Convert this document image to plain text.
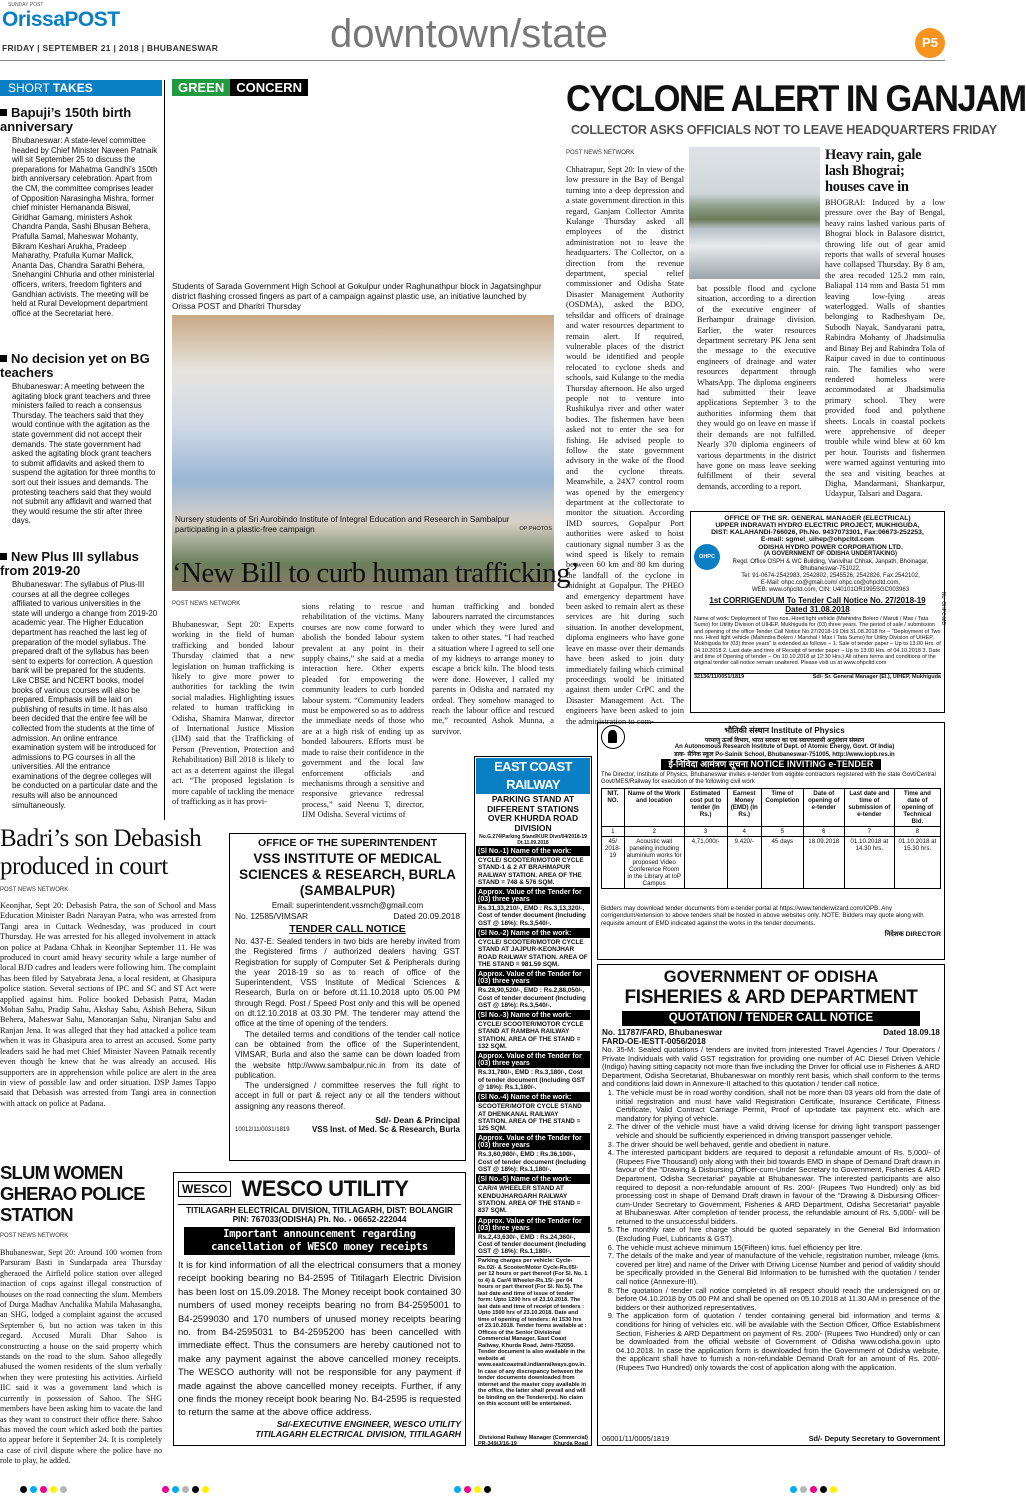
OrissaPOST
SUNDAY POST
FRIDAY | SEPTEMBER 21 | 2018 | BHUBANESWAR	downtown/state	P5
SHORT TAKES
Bapuji’s 150th birth anniversary
Bhubaneswar: A state-level committee headed by Chief Minister Naveen Patnaik will sit September 25 to discuss the preparations for Mahatma Gandhi’s 150th birth anniversary celebration. Apart from the CM, the committee comprises leader of Opposition Narasingha Mishra, former chief minister Hemananda Biswal, Giridhar Gamang, ministers Ashok Chandra Panda, Sashi Bhusan Behera, Prafulla Samal, Maheswar Mohanty, Bikram Keshari Arukha, Pradeep Maharathy, Prafulla Kumar Mallick, Ananta Das, Chandra Sarathi Behera, Snehangini Chhuria and other ministerial officers, writers, freedom fighters and Gandhian activists. The meeting will be held at Rural Development department office at the Secretariat here.
No decision yet on BG teachers
Bhubaneswar: A meeting between the agitating block grant teachers and three ministers failed to reach a consensus Thursday. The teachers said that they would continue with the agitation as the state government did not accept their demands. The state government had asked the agitating block grant teachers to submit affidavits and asked them to suspend the agitation for three months to sort out their issues and demands. The protesting teachers said that they would not submit any affidavit and warned that they would resume the stir after three days.
New Plus III syllabus from 2019-20
Bhubaneswar: The syllabus of Plus-III courses at all the degree colleges affiliated to various universities in the state will undergo a change from 2019-20 academic year. The Higher Education department has reached the last leg of preparation of the model syllabus. The prepared draft of the syllabus has been sent to experts for correction. A question bank will be prepared for the students. Like CBSE and NCERT books, model books of various courses will also be prepared. Emphasis will be laid on publishing of results in time. It has also been decided that the entire fee will be collected from the students at the time of admission. An online entrance examination system will be introduced for admissions to PG courses in all the universities. All the entrance examinations of the degree colleges will be conducted on a particular date and the results will also be announced simultaneously.
GREEN CONCERN
Students of Sarada Government High School at Gokulpur under Raghunathpur block in Jagatsinghpur district flashing crossed fingers as part of a campaign against plastic use, an initiative launched by Orissa POST and Dharitri Thursday
Nursery students of Sri Aurobindo Institute of Integral Education and Research in Sambalpur participating in a plastic-free campaign	OP PHOTOS
CYCLONE ALERT IN GANJAM
COLLECTOR ASKS OFFICIALS NOT TO LEAVE HEADQUARTERS FRIDAY
POST NEWS NETWORK
Chhatrapur, Sept 20: In view of the low pressure in the Bay of Bengal turning into a deep depression and a state government direction in this regard, Ganjam Collector Amrita Kulange Thursday asked all employees of the district administration not to leave the headquarters. The Collector, on a direction from the revenue department, special relief commissioner and Odisha State Disaster Management Authority (OSDMA), asked the BDO, tehsildar and officers of drainage and water resources department to remain alert. If required, vulnerable places of the district would be identified and people relocated to cyclone sheds and schools, said Kulange to the media Thursday afternoon. He also urged people not to venture into Rushikulya river and other water bodies. The fishermen have been asked not to enter the sea for fishing. He advised people to follow the state government advisory in the wake of the flood and the cyclone threats. Meanwhile, a 24X7 control room was opened by the emergency department at the collectorate to monitor the situation. According IMD sources, Gopalpur Port authorities were asked to hoist cautionary signal number 3 as the wind speed is likely to remain between 60 km and 80 km during the landfall of the cyclone in midnight at Gopalpur. The PHEO and emergency department have been asked to remain alert as these services are hit during such situation. In another development, diploma engineers who have gone leave en masse over their demands have been asked to join duty immediately failing which criminal proceedings would be initiated against them under CrPC and the Disaster Management Act. The engineers have been asked to join the administration to com-
bat possible flood and cyclone situation, according to a direction of the executive engineer of Berhampur drainage division. Earlier, the water resources department secretary PK Jena sent the message to the executive engineers of drainage and water resources department through WhatsApp. The diploma engineers had submitted their leave applications September 3 to the authorities informing them that they would go on leave en masse if their demands are not fulfilled. Nearly 370 diploma engineers of various departments in the district have gone on mass leave seeking fulfillment of their several demands, according to a report.
Heavy rain, gale lash Bhograi; houses cave in
BHOGRAI: Induced by a low pressure over the Bay of Bengal, heavy rains lashed various parts of Bhograi block in Balasore district, throwing life out of gear amid reports that walls of several houses have collapsed Thursday. By 8 am, the area recoded 125.2 mm rain, Baliapal 114 mm and Basta 51 mm leaving low-lying areas waterlogged. Walls of shanties belonging to Radheshyam De, Subodh Nayak, Sandyarani patra, Rabindra Mohanty of Jhadsimulia and Binay Bej and Rabindra Tola of Raipur caved in due to continuous rain. The families who were rendered homeless were accommodated at Jhadsimulia primary school. They were provided food and polythene sheets. Locals in coastal pockets were apprehensive of deeper trouble while wind blew at 60 km per hour. Tourists and fishermen were warned against venturing into the sea and visiting beaches at Digha, Mandarmani, Shankarpur, Udaypur, Talsari and Dagara.
OFFICE OF THE SR. GENERAL MANAGER (ELECTRICAL)
UPPER INDRAVATI HYDRO ELECTRIC PROJECT, MUKHIGUDA,
DIST: KALAHANDI-766026, Ph.No. 9437073301, Fax:06673-252253,
E-mail: sgmel_uihep@ohpcltd.com
OHPC
ODISHA HYDRO POWER CORPORATION LTD.
(A GOVERNMENT OF ODISHA UNDERTAKING)
Regd. Office OSPH & WC Building, Vanivihar Chhak, Janpath, Bhoinagar, Bhubaneswar-751022,
Tel: 91-0674-2542983, 2542802, 2545526, 2542826, Fax:2542102,
E-Mail: ohpc.co@gmail.com/ ohpc.co@ohpcltd.com,
WEB: www.ohpcltd.com, CIN: U40101OR1995SGC003963
1st CORRIGENDUM To Tender Call Notice No. 27/2018-19 Dated 31.08.2018
Name of work: Deployment of Two nos. Hired light vehicle (Mahindra Bolero / Maruti / Max / Tata Sumo) for Utility Division of UIHEP, Mukhiguda for (03) three years. The period of sale / submission and opening of the office Tender Call Notice No.27/2018-19 Dtd 31.08.2018 for – "Deployment of Two nos. Hired light vehicle (Mahindra Bolero / Marshal / Max / Tata Sumo) for Utility Division of UIHEP, Mukhiguda for (03) three years" is extended as follows – 1. Sale of tender paper – Up to 13.00 Hrs. of 04.10.2018 2. Last date and time of Receipt of tender paper – Up to 13.00 Hrs. of 04.10.2018 3. Date and time of Opening of tender – On 10.10.2018 at 12:30 Hrs.) All others terms and conditions of the original tender call notice remain unaltered. Please visit us at www.ohpcltd.com
32136/11/0051/1819	Sd/- Sr. General Manager (El.), UIHEP, Mukhiguda
No. OHPC-MD
‘New Bill to curb human trafficking’
POST NEWS NETWORK
Bhubaneswar, Sept 20: Experts working in the field of human trafficking and bonded labour Thursday claimed that a new legislation on human trafficking is likely to give more power to authorities for tackling the twin social maladies. Highlighting issues related to human trafficking in Odisha, Shamira Manwar, director of International Justice Mission (IJM) said that the Trafficking of Person (Prevention, Protection and Rehabilitation) Bill 2018 is likely to act as a deterrent against the illegal act. “The proposed legislation is more capable of tackling the menace of trafficking as it has provi-
sions relating to rescue and rehabilitation of the victims. Many courses are now come forward to abolish the bonded labour system prevalent at any point in their supply chains,” she said at a media interaction here. Other experts pleaded for empowering the community leaders to curb bonded labour system. “Community leaders must be empowered so as to address the immediate needs of those who are at a high risk of ending up as bonded labourers. Efforts must be made to raise their confidence in the government and the local law enforcement officials and mechanisms through a sensitive and responsive grievance redressal process,” said Neenu T, director, IJM Odisha. Several victims of
human trafficking and bonded labourers narrated the circumstances under which they were lured and taken to other states. “I had reached a situation where I agreed to sell one of my kidneys to arrange money to escape a brick kiln. The blood tests were done. However, I called my parents in Odisha and narrated my ordeal. They somehow managed to reach the labour office and rescued me,” recounted Ashok Munna, a survivor.	भौतिकी संस्थान Institute of Physics
परमाणु ऊर्जा विभाग, भारत सरकार का एक स्वायत्तशासी अनुसंधान संस्थान
An Autonomous Research Institute of Dept. of Atomic Energy, Govt. Of India)
डाक- सैनिक स्कूल Po-Sainik School, Bhubaneswar-751005, http://www.iopb.res.in
ई-निविदा आमंत्रण सूचना NOTICE INVITING e-TENDER
The Director, Institute of Physics, Bhubaneswar invites e-tender from eligible contractors registered with the state Govt/Central Govt/MES/Railway for execution of the following civil work
NIT. NO.	Name of the Work and location	Estimated cost put to tender (In Rs.)	Earnest Money (EMD) (In Rs.)	Time of Completion	Date of opening of e-tender	Last date and time of submission of e-tender	Time and date of opening of Technical Bid.
1	2	3	4	5	6	7	8
45/ 2018-19	Acoustic wall paneling including aluminium works for proposed Video Conference Room in the Library at IoP Campus	4,71,000/-	9,420/-	45 days	18.09.2018	01.10.2018 at 14.30 hrs.	01.10.2018 at 15.30 hrs.
Bidders may download tender documents from e-tender portal at https://www.tenderwizard.com/IOPB. Any corrigendum/extension to above tenders shall be hosted in above websites only. NOTE: Bidders may quote along with requisite amount of EMD indicated against the works in the tender documents.
निदेशक DIRECTOR
EAST COAST RAILWAY
PARKING STAND AT DIFFERENT STATIONS OVER KHURDA ROAD DIVISION
No.G.274/Parking Stand/KUR Divn/04/2018-19 Dt.11.09.2018
(Sl No.-1) Name of the work:
CYCLE/ SCOOTER/MOTOR CYCLE STAND-1 & 2 AT BRAHMAPUR RAILWAY STATION. AREA OF THE STAND = 748 & 576 SQM.
Approx. Value of the Tender for (03) three years
Rs.31,33,210/-, EMD : Rs.3,13,320/-, Cost of tender document (Including GST @ 18%): Rs.3,540/-.
(Sl No.-2) Name of the work:
CYCLE/ SCOOTER/MOTOR CYCLE STAND AT JAJPUR-KEONJHAR ROAD RAILWAY STATION. AREA OF THE STAND = 981.59 SQM.
Approx. Value of the Tender for (03) three years
Rs.28,90,520/-, EMD : Rs.2,88,050/-, Cost of tender document (Including GST @ 18%): Rs.3,540/-.
(Sl No.-3) Name of the work:
CYCLE/ SCOOTER/MOTOR CYCLE STAND AT RAMBHA RAILWAY STATION. AREA OF THE STAND = 132 SQM.
Approx. Value of the Tender for (03) three years
Rs.31,780/-, EMD : Rs.3,180/-, Cost of tender document (Including GST @ 18%): Rs.1,180/-.
(Sl No.-4) Name of the work:
SCOOTER/MOTOR CYCLE STAND AT DHENKANAL RAILWAY STATION. AREA OF THE STAND = 125 SQM.
Approx. Value of the Tender for (03) three years
Rs.3,60,980/-, EMD : Rs.36,100/-, Cost of tender document (Including GST @ 18%): Rs.1,180/-.
(Sl No.-5) Name of the work:
CAR/4 WHEELER STAND AT KENDUJHARGARH RAILWAY STATION. AREA OF THE STAND = 837 SQM.
Approx. Value of the Tender for (03) three years
Rs.2,43,630/-, EMD : Rs.24,360/-, Cost of tender document (Including GST @ 18%): Rs.1,180/-.
Parking charges per vehicle: Cycle-Rs.02/- & Scooter/Motor Cycle-Rs.05/- per 12 hours or part thereof (For Sl. No. 1 to 4) & Car/4 Wheeler-Rs.15/- per 04 hours or part thereof (For Sl. No.5). The last date and time of issue of tender form: Upto 1200 hrs of 23.10.2018. The last date and time of receipt of tenders : Upto 1500 hrs of 23.10.2018. Date and time of opening of tenders: At 1530 hrs of 23.10.2018. Tender forms available at : Offices of the Senior Divisional Commercial Manager, East Coast Railway, Khurda Road, Jatni-752050. Tender document is also available in the website at www.eastcoastrail.indianrailways.gov.in. In case of any discrepancy between the tender documents downloaded from internet and the master copy available in the office, the latter shall prevail and will be binding on the Tenderer(s). No claim on this account will be entertained.
Divisional Railway Manager (Commercial)
PR-349/J/16-19	Khurda Road
Badri’s son Debasish produced in court
POST NEWS NETWORK
Keonjhar, Sept 20: Debasish Patra, the son of School and Mass Education Minister Badri Narayan Patra, who was arrested from Tangi area in Cuttack Wednesday, was produced in court Thursday. He was arrested for his alleged involvement in attack on police at Padana Chhak in Keonjhar September 11. He was produced in court amid heavy security while a large number of local BJD cadres and leaders were following him. The complaint has been filed by Satyabrata Jena, a local resident, at Ghasipura police station. Several sections of IPC and SC and ST Act were applied against him. Police booked Debasish Patra, Madan Mohan Sahu, Pradip Sahu, Akshay Sahu, Ashish Behera, Sikun Behera, Maheswar Sahu, Manoranjan Sahu, Niranjan Sahu and Ranjan Jena. It was alleged that they had attacked a police team when it was in Ghasipura area to arrest an accused. Some party leaders said he had met Chief Minister Naveen Patnaik recently even though he knew that he was already an accused. His supporters are in apprehension while police are alert in the area in view of possible law and order situation. DSP James Tappo said that Debasish was arrested from Tangi area in connection with attack on police at Padana.
OFFICE OF THE SUPERINTENDENT
VSS INSTITUTE OF MEDICAL SCIENCES & RESEARCH, BURLA (SAMBALPUR)
Email: superintendent.vssmch@gmail.com
No. 12585/VIMSAR	Dated 20.09.2018
TENDER CALL NOTICE
No. 437-E: Sealed tenders in two bids are hereby invited from the Registered firms / authorized dealers having GST Registration for supply of Computer Set & Peripherals during the year 2018-19 so as to reach of office of the Superintendent, VSS Institute of Medical Sciences & Research, Burla on or before dt.11.10.2018 upto 05.00 PM through Regd. Post / Speed Post only and this will be opened on dt.12.10.2018 at 03.30 PM. The tenderer may attend the office at the time of opening of the tenders.
The detailed terms and conditions of the tender call notice can be obtained from the office of the Superintendent, VIMSAR, Burla and also the same can be down loaded from the website http://www.sambalpur.nic.in from its date of publication.
The undersigned / committee reserves the full right to accept in full or part & reject any or all the tenders without assigning any reasons thereof.
Sd/- Dean & Principal
10012/11/0031/1819	VSS Inst. of Med. Sc & Research, Burla
SLUM WOMEN GHERAO POLICE STATION
POST NEWS NETWORK
Bhubaneswar, Sept 20: Around 100 women from Parsuram Basti in Sundarpada area Thursday gheraoed the Airfield police station over alleged inaction of cops against illegal construction of houses on the road connecting the slum. Members of Durga Madhav Anchalika Mahila Mahasangha, an SHG, lodged a complaint against the accused September 6, but no action was taken in this regard. Accused Murali Dhar Sahoo is constructing a house on the said property which stands on the road to the slum. Sahoo allegedly abused the women residents of the slum verbally when they were protesting his activities. Airfield IIC said it was a government land which is currently in possession of Sahoo. The SHG members have been asking him to vacate the land as they want to construct their office there. Sahoo has moved the court which asked both the parties to appear before it September 24. It is completely a case of civil dispute where the police have no role to play, he added.
WESCO WESCO UTILITY
TITILAGARH ELECTRICAL DIVISION, TITILAGARH, DIST: BOLANGIR
PIN: 767033(ODISHA) Ph. No. - 06652-222044
Important announcement regarding cancellation of WESCO money receipts
It is for kind information of all the electrical consumers that a money receipt booking bearing no B4-2595 of Titilagarh Electric Division has been lost on 15.09.2018. The Money receipt book contained 30 numbers of used money receipts bearing no from B4-2595001 to B4-2599030 and 170 numbers of unused money receipts bearing no. from B4-2595031 to B4-2595200 has been cancelled with immediate effect. Thus the consumers are hereby cautioned not to make any payment against the above cancelled money receipts. The WESCO authority will not be responsible for any payment if made against the above cancelled money receipts. Further, if any one finds the money receipt book bearing No. B4-2595 is requested to return the same at the above office address.
Sd/-EXECUTIVE ENGINEER, WESCO UTILITY
TITILAGARH ELECTRICAL DIVISION, TITILAGARH
GOVERNMENT OF ODISHA
FISHERIES & ARD DEPARTMENT
QUOTATION / TENDER CALL NOTICE
No. 11787/FARD, Bhubaneswar	Dated 18.09.18
FARD-OE-IESTT-0056/2018
No. 35-M: Sealed quotations / tenders are invited from interested Travel Agencies / Tour Operators / Private Individuals with valid GST registration for providing one number of AC Diesel Driven Vehicle (Indigo) having sitting capacity not more than five including the Driver for official use in Fisheries & ARD Department, Odisha Secretariat, Bhubaneswar on monthly rent basis, which shall conform to the terms and conditions laid down in Annexure-II attached to this quotation / tender call notice.
1. The vehicle must be in road worthy condition, shall not be more than 03 years old from the date of initial registration and must have valid Registration Certificate, Insurance Certificate, Fitness Certificate, Valid Contract Carriage Permit, Proof of up-todate tax payment etc. which are mandatory for plying of vehicle.
2. The driver of the vehicle must have a valid driving license for driving light transport passenger vehicle and should be sufficiently experienced in driving transport passenger vehicle.
3. The driver should be well behaved, gentle and obedient in nature.
4. The interested participant bidders are required to deposit a refundable amount of Rs. 5,000/- of (Rupees Five Thousand) only along with their bid towards EMD in shape of Demand Draft drawn in favour of the "Drawing & Disbursing Officer-cum-Under Secretary to Government, Fisheries & ARD Department, Odisha Secretariat" payable at Bhubaneswar. The interested participants are also required to deposit a non-refundable amount of Rs. 200/- (Rupees Two Hundred) only as bid processing cost in shape of Demand Draft drawn in favour of the "Drawing & Disbursing Officer-cum-Under Secretary to Government, Fisheries & ARD Department, Odisha Secretariat" payable at Bhubaneswar. After completion of tender process, the refundable amount of Rs. 5,000/- will be returned to the unsuccessful bidders.
5. The monthly rate of hire charge should be quoted separately in the General Bid Information (Excluding Fuel, Lubricants & GST).
6. The vehicle must achieve minimum 15(Fifteen) kms. fuel efficiency per litre.
7. The details of the make and year of manufacture of the vehicle, registration number, mileage (kms. covered per litre) and name of the Driver with Driving License Number and period of validity should be specifically provided in the General Bid Information to be furnished with the quotation / tender call notice (Annexure-III).
8. The quotation / tender call notice completed in all respect should reach the undersigned on or before 04.10.2018 by 05.00 PM and shall be opened on 05.10.2018 at 11.30 AM in presence of the bidders or their authorized representatives.
9. The application form of quotation / tender containing general bid information and terms & conditions for hiring of vehicles etc. will be available with the Section Officer, Office Establishment Section, Fisheries & ARD Department on payment of Rs. 200/- (Rupees Two Hundred) only or can be downloaded from the official website of Government of Odisha www.odisha.gov.in upto 04.10.2018. In case the application form is downloaded from the Government of Odisha website, the applicant shall have to furnish a non-refundable Demand Draft for an amount of Rs. 200/- (Rupees Two Hundred) only towards the cost of application along with the application.
06001/11/0005/1819	Sd/- Deputy Secretary to Government
